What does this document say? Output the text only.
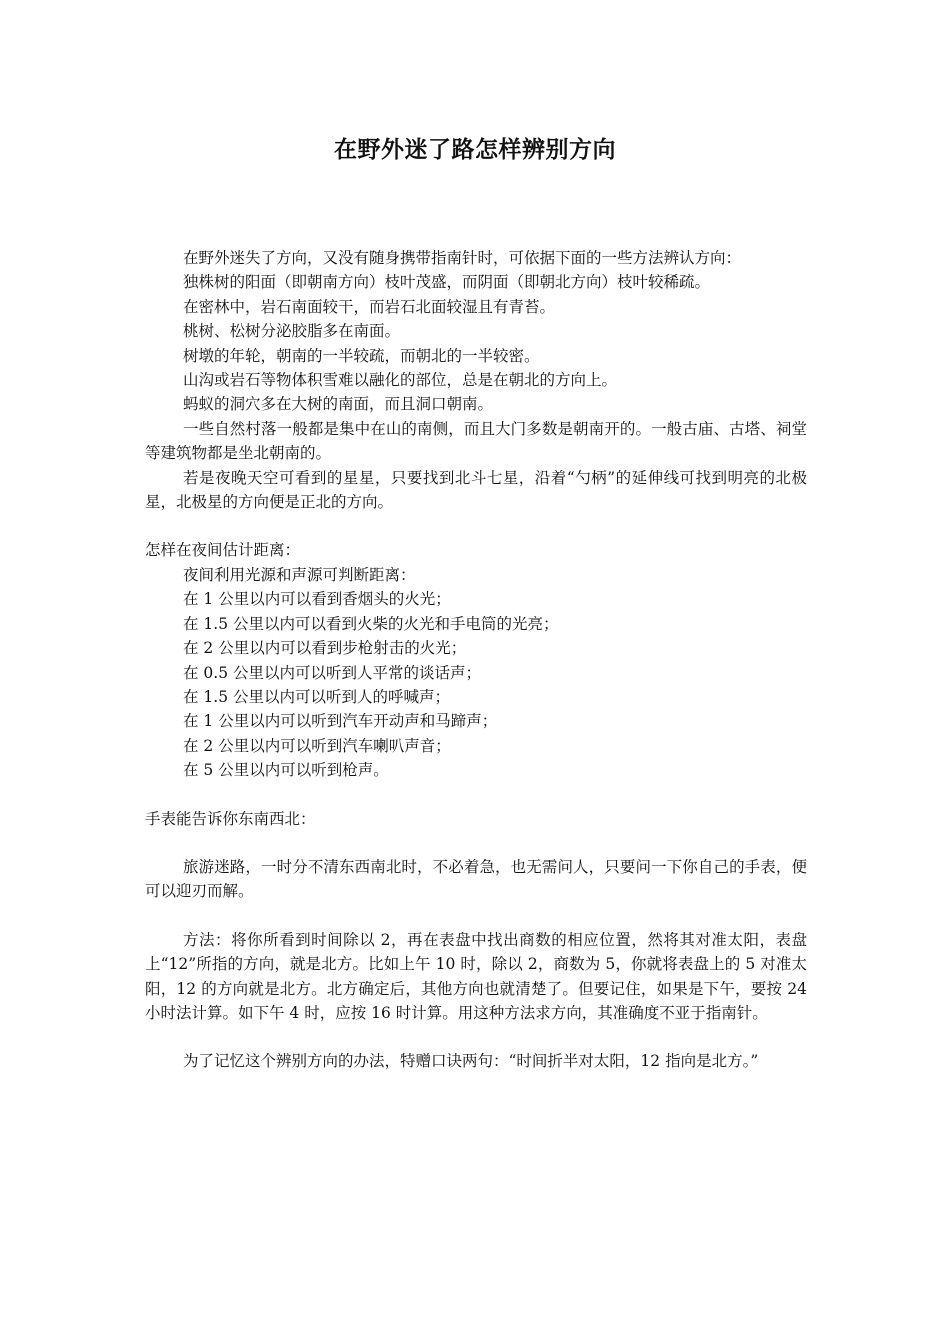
在野外迷了路怎样辨别方向

在野外迷失了方向，又没有随身携带指南针时，可依据下面的一些方法辨认方向：

独株树的阳面（即朝南方向）枝叶茂盛，而阴面（即朝北方向）枝叶较稀疏。

在密林中，岩石南面较干，而岩石北面较湿且有青苔。

桃树、松树分泌胶脂多在南面。

树墩的年轮，朝南的一半较疏，而朝北的一半较密。

山沟或岩石等物体积雪难以融化的部位，总是在朝北的方向上。

蚂蚁的洞穴多在大树的南面，而且洞口朝南。

一些自然村落一般都是集中在山的南侧，而且大门多数是朝南开的。一般古庙、古塔、祠堂等建筑物都是坐北朝南的。

若是夜晚天空可看到的星星，只要找到北斗七星，沿着“勺柄”的延伸线可找到明亮的北极星，北极星的方向便是正北的方向。

怎样在夜间估计距离：

夜间利用光源和声源可判断距离：

在 1 公里以内可以看到香烟头的火光；

在 1.5 公里以内可以看到火柴的火光和手电筒的光亮；

在 2 公里以内可以看到步枪射击的火光；

在 0.5 公里以内可以听到人平常的谈话声；

在 1.5 公里以内可以听到人的呼喊声；

在 1 公里以内可以听到汽车开动声和马蹄声；

在 2 公里以内可以听到汽车喇叭声音；

在 5 公里以内可以听到枪声。

手表能告诉你东南西北：

旅游迷路，一时分不清东西南北时，不必着急，也无需问人，只要问一下你自己的手表，便可以迎刃而解。

方法：将你所看到时间除以 2，再在表盘中找出商数的相应位置，然将其对准太阳，表盘上“12”所指的方向，就是北方。比如上午 10 时，除以 2，商数为 5，你就将表盘上的 5 对准太阳，12 的方向就是北方。北方确定后，其他方向也就清楚了。但要记住，如果是下午，要按 24 小时法计算。如下午 4 时，应按 16 时计算。用这种方法求方向，其准确度不亚于指南针。

为了记忆这个辨别方向的办法，特赠口诀两句：“时间折半对太阳，12 指向是北方。”
